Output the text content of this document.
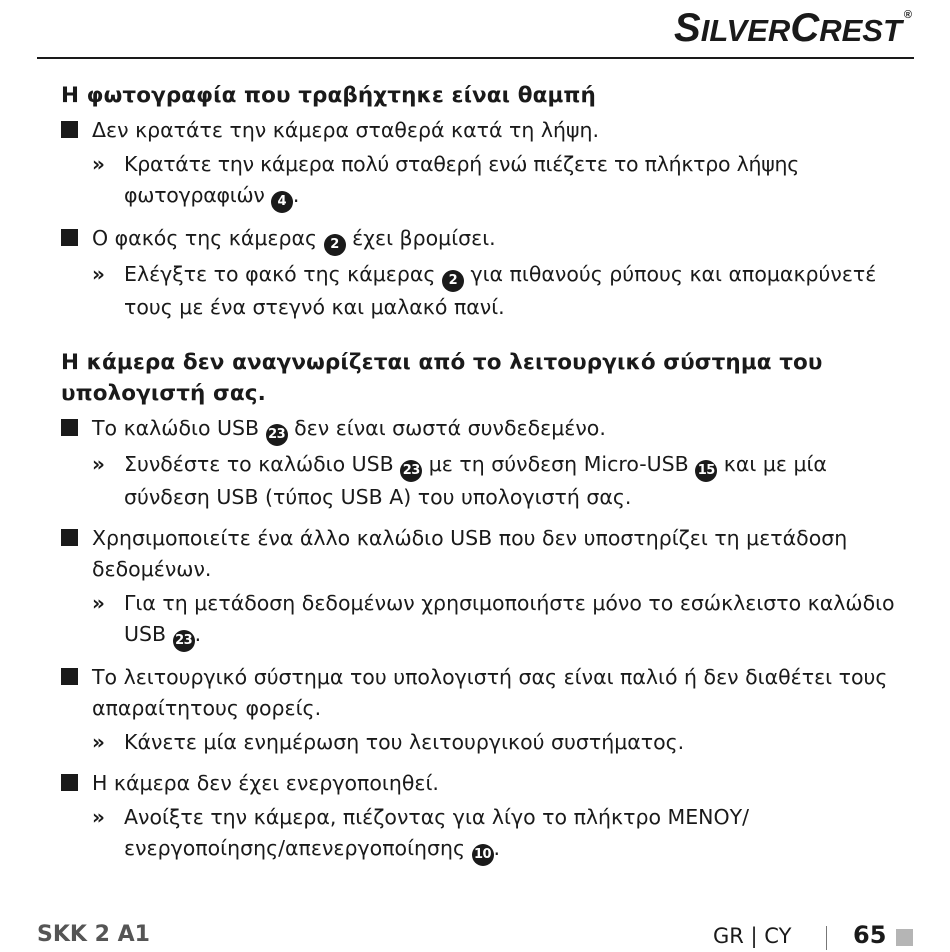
SILVERCREST ®
Η φωτογραφία που τραβήχτηκε είναι θαμπή

Δεν κρατάτε την κάμερα σταθερά κατά τη λήψη.

» Κρατάτε την κάμερα πολύ σταθερή ενώ πιέζετε το πλήκτρο λήψης φωτογραφιών 4 .

Ο φακός της κάμερας 2 έχει βρομίσει.

» Ελέγξτε το φακό της κάμερας 2 για πιθανούς ρύπους και απομακρύνετέ τους με ένα στεγνό και μαλακό πανί.

Η κάμερα δεν αναγνωρίζεται από το λειτουργικό σύστημα του υπολογιστή σας.

Το καλώδιο USB 23 δεν είναι σωστά συνδεδεμένο.

» Συνδέστε το καλώδιο USB 23 με τη σύνδεση Micro-USB 15 και με μία σύνδεση USB (τύπος USB A) του υπολογιστή σας.

Χρησιμοποιείτε ένα άλλο καλώδιο USB που δεν υποστηρίζει τη μετάδοση δεδομένων.

» Για τη μετάδοση δεδομένων χρησιμοποιήστε μόνο το εσώκλειστο καλώδιο USB 23 .

Το λειτουργικό σύστημα του υπολογιστή σας είναι παλιό ή δεν διαθέτει τους απαραίτητους φορείς.

» Κάνετε μία ενημέρωση του λειτουργικού συστήματος.

Η κάμερα δεν έχει ενεργοποιηθεί.

» Ανοίξτε την κάμερα, πιέζοντας για λίγο το πλήκτρο ΜΕΝΟΥ/ενεργοποίησης/απενεργοποίησης 10 .

SKK 2 A1	GR | CY	65
